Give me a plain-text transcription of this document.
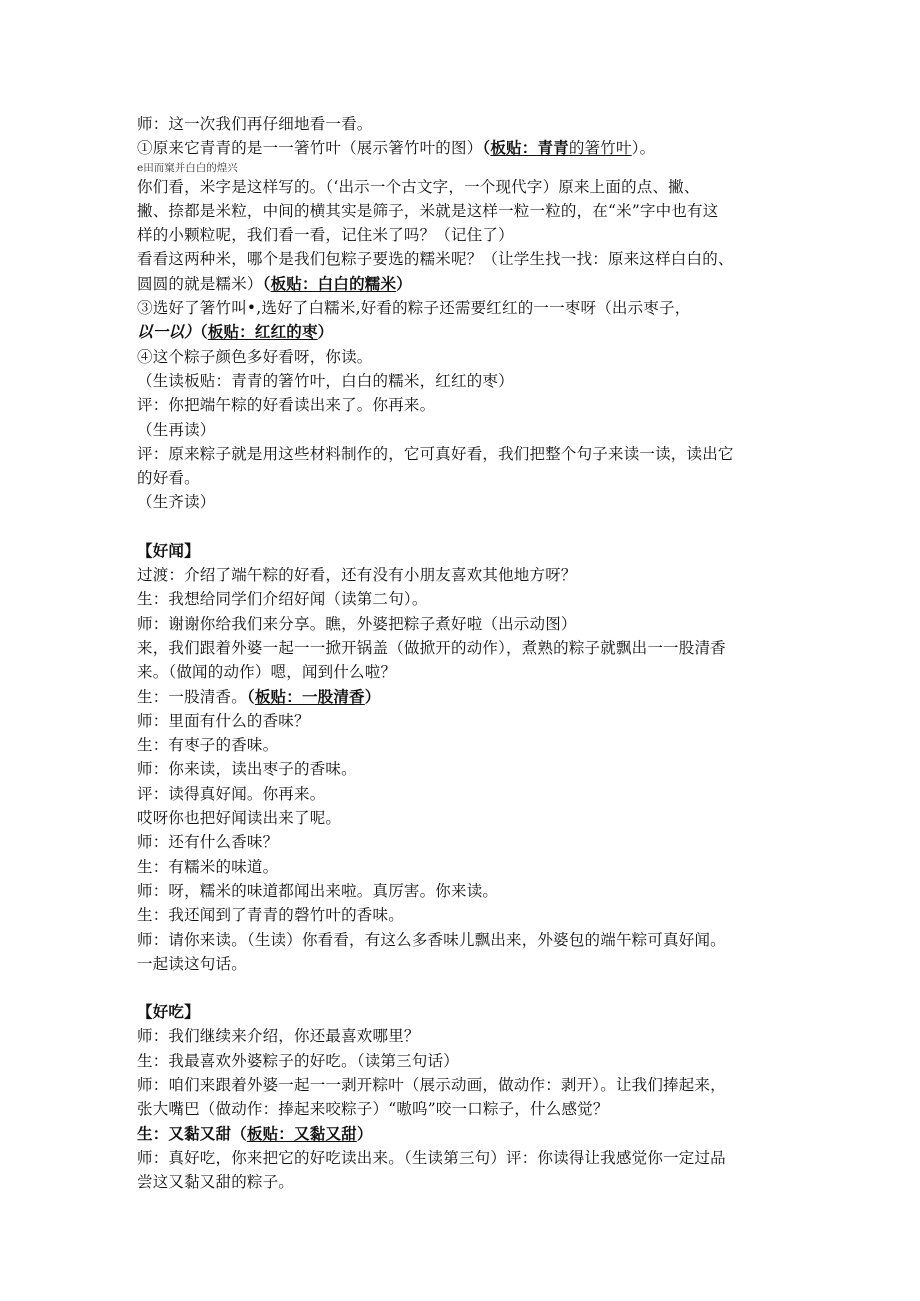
师：这一次我们再仔细地看一看。
①原来它青青的是一一箸竹叶（展示箸竹叶的图）（板贴：青青的箸竹叶）。
e田而窠并白白的煌兴
你们看，米字是这样写的。（‘出示一个古文字，一个现代字）原来上面的点、撇、
撇、捺都是米粒，中间的横其实是筛子，米就是这样一粒一粒的，在“米”字中也有这
样的小颗粒呢，我们看一看，记住米了吗？（记住了）
看看这两种米，哪个是我们包粽子要选的糯米呢？（让学生找一找：原来这样白白的、
圆圆的就是糯米）（板贴：白白的糯米）
③选好了箸竹叫•,选好了白糯米,好看的粽子还需要红红的一一枣呀（出示枣子，
以一以）（板贴：红红的枣）
④这个粽子颜色多好看呀，你读。
（生读板贴：青青的箸竹叶，白白的糯米，红红的枣）
评：你把端午粽的好看读出来了。你再来。
（生再读）
评：原来粽子就是用这些材料制作的，它可真好看，我们把整个句子来读一读，读出它
的好看。
（生齐读）
【好闻】
过渡：介绍了端午粽的好看，还有没有小朋友喜欢其他地方呀？
生：我想给同学们介绍好闻（读第二句）。
师：谢谢你给我们来分享。瞧，外婆把粽子煮好啦（出示动图）
来，我们跟着外婆一起一一掀开锅盖（做掀开的动作），煮熟的粽子就飘出一一股清香
来。（做闻的动作）嗯，闻到什么啦？
生：一股清香。（板贴：一股清香）
师：里面有什么的香味？
生：有枣子的香味。
师：你来读，读出枣子的香味。
评：读得真好闻。你再来。
哎呀你也把好闻读出来了呢。
师：还有什么香味？
生：有糯米的味道。
师：呀，糯米的味道都闻出来啦。真厉害。你来读。
生：我还闻到了青青的磬竹叶的香味。
师：请你来读。（生读）你看看，有这么多香味儿飘出来，外婆包的端午粽可真好闻。
一起读这句话。
【好吃】
师：我们继续来介绍，你还最喜欢哪里？
生：我最喜欢外婆粽子的好吃。（读第三句话）
师：咱们来跟着外婆一起一一剥开粽叶（展示动画，做动作：剥开）。让我们捧起来，
张大嘴巴（做动作：捧起来咬粽子）“嗷呜”咬一口粽子，什么感觉？
生：又黏又甜（板贴：又黏又甜）
师：真好吃，你来把它的好吃读出来。（生读第三句）评：你读得让我感觉你一定过品
尝这又黏又甜的粽子。
